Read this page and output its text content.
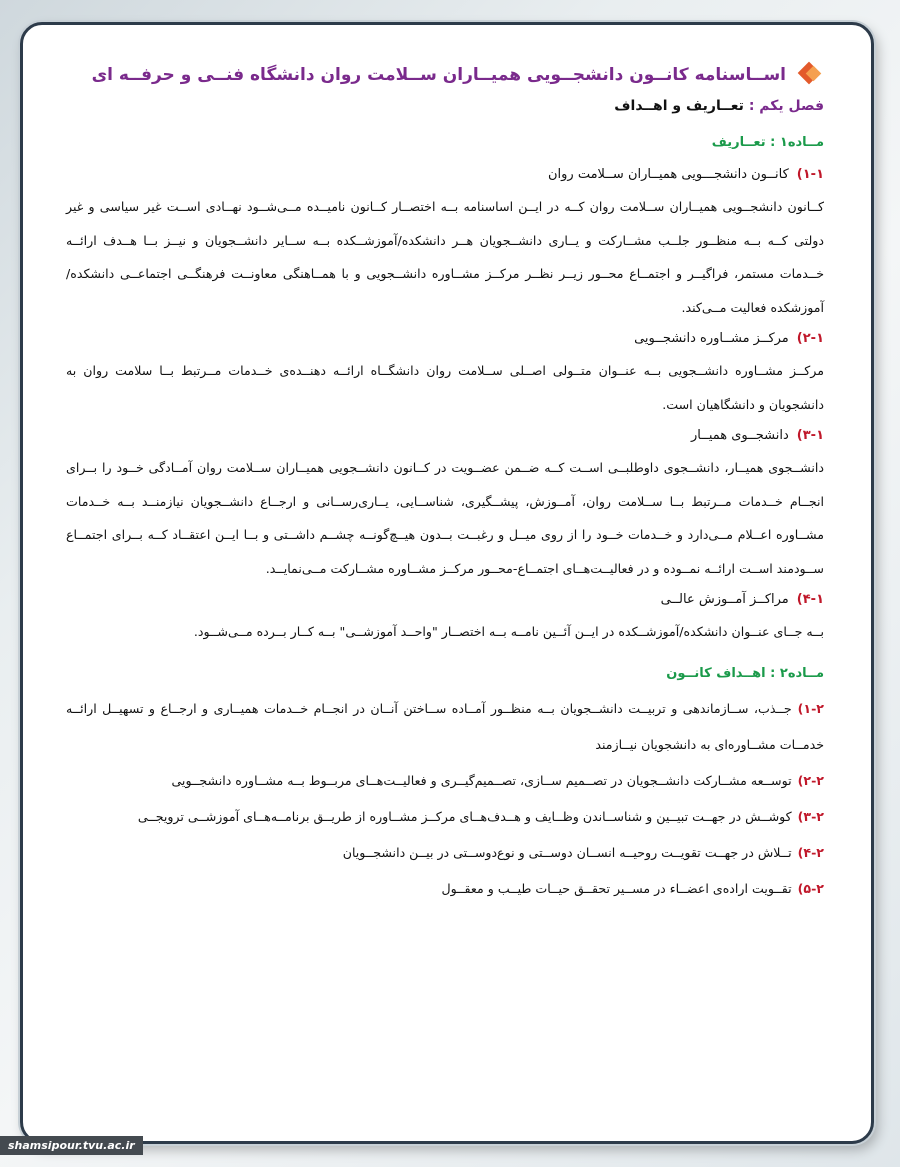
اســاسنامه کانــون دانشجــویی همیــاران ســلامت روان دانشگاه فنــی و حرفــه ای
فصل یکم : تعــاریف و اهــداف
مــاده۱ : تعــاریف
۱-۱)کانــون دانشجـــویی همیــاران ســلامت روان
کــانون دانشجــویی همیــاران ســلامت روان کــه در ایــن اساسنامه بــه اختصــار کــانون نامیــده مــی‌شــود نهــادی اســت غیر سیاسی و غیر دولتی کــه بــه منظــور جلــب مشــارکت و یــاری دانشــجویان هــر دانشکده/آموزشــکده بــه ســایر دانشــجویان و نیــز بــا هــدف ارائــه خــدمات مستمر، فراگیــر و اجتمــاع محــور زیــر نظــر مرکــز مشــاوره دانشــجویی و با همــاهنگی معاونــت فرهنگــی اجتماعــی دانشکده/آموزشکده فعالیت مــی‌کند.
۲-۱)مرکــز مشــاوره دانشجــویی
مرکــز مشــاوره دانشــجویی بــه عنــوان متــولی اصــلی ســلامت روان دانشگــاه ارائــه دهنــده‌ی خــدمات مــرتبط بــا سلامت روان به دانشجویان و دانشگاهیان است.
۳-۱)دانشجــوی همیــار
دانشــجوی همیــار، دانشــجوی داوطلبــی اســت کــه ضــمن عضــویت در کــانون دانشــجویی همیــاران ســلامت روان آمــادگی خــود را بــرای انجــام خــدمات مــرتبط بــا ســلامت روان، آمــوزش، پیشــگیری، شناســایی، یــاری‌رســانی و ارجــاع دانشــجویان نیازمنــد بــه خــدمات مشــاوره اعــلام مــی‌دارد و خــدمات خــود را از روی میــل و رغبــت بــدون هیــچ‌گونــه چشــم داشــتی و بــا ایــن اعتقــاد کــه بــرای اجتمــاع ســودمند اســت ارائــه نمــوده و در فعالیــت‌هــای اجتمــاع-محــور مرکــز مشــاوره مشــارکت مــی‌نمایــد.
۴-۱)مراکــز آمــوزش عالــی
بــه جــای عنــوان دانشکده/آموزشــکده در ایــن آئــین نامــه بــه اختصــار "واحــد آموزشــی" بــه کــار بــرده مــی‌شــود.
مــاده۲ : اهــداف کانــون
۱-۲)جــذب، ســازماندهی و تربیــت دانشــجویان بــه منظــور آمــاده ســاختن آنــان در انجــام خــدمات همیــاری و ارجــاع و تسهیــل ارائــه خدمــات مشــاوره‌ای به دانشجویان نیــازمند
۲-۲)توســعه مشــارکت دانشــجویان در تصــمیم ســازی، تصــمیم‌گیــری و فعالیــت‌هــای مربــوط بــه مشــاوره دانشجــویی
۳-۲)کوشــش در جهــت تبیــین و شناســاندن وظــایف و هــدف‌هــای مرکــز مشــاوره از طریــق برنامــه‌هــای آموزشــی ترویجــی
۴-۲)تــلاش در جهــت تقویــت روحیــه انســان دوســتی و نوع‌دوســتی در بیــن دانشجــویان
۵-۲)تقــویت اراده‌ی اعضــاء در مســیر تحقــق حیــات طیــب و معقــول
shamsipour.tvu.ac.ir
